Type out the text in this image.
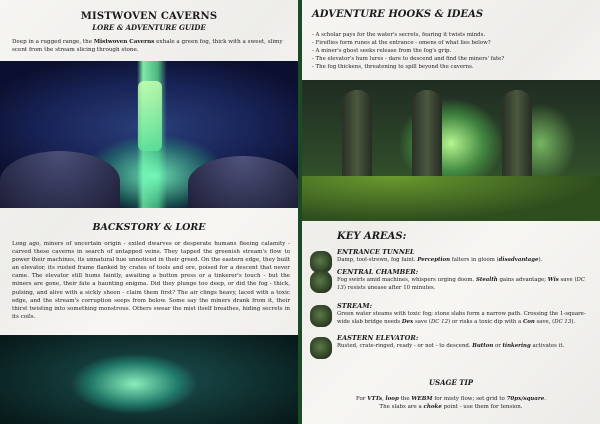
MISTWOVEN CAVERNS
LORE & ADVENTURE GUIDE

Deep in a rugged range, the Mistwoven Caverns exhale a green fog, thick with a sweet, slimy scent from the stream slicing through stone.

BACKSTORY & LORE

Long ago, miners of uncertain origin - exiled dwarves or desperate humans fleeing calamity - carved these caverns in search of untapped veins. They tapped the greenish stream's flow to power their machines, its unnatural hue unnoticed in their greed. On the eastern edge, they built an elevator, its rusted frame flanked by crates of tools and ore, poised for a descent that never came. The elevator still hums faintly, awaiting a button press or a tinkerer's touch - but the miners are gone, their fate a haunting enigma. Did they plunge too deep, or did the fog - thick, pulsing, and alive with a sickly sheen - claim them first? The air clings heavy, laced with a toxic edge, and the stream's corruption seeps from below. Some say the miners drank from it, their thirst twisting into something monstrous. Others swear the mist itself breathes, hiding secrets in its coils.

ADVENTURE HOOKS & IDEAS
- A scholar pays for the water's secrets, fearing it twists minds.
- Fireflies form runes at the entrance - omens of what lies below?
- A miner's ghost seeks release from the fog's grip.
- The elevator's hum lures - dare to descend and find the miners' fate?
- The fog thickens, threatening to spill beyond the caverns.
KEY AREAS:
ENTRANCE TUNNEL
Damp, tool-strewn, fog faint. Perception falters in gloom (disadvantage).
CENTRAL CHAMBER:
Fog swirls amid machines, whispers urging doom. Stealth gains advantage; Wis save (DC 13) resists unease after 10 minutes.
STREAM:
Green water steams with toxic fog; stone slabs form a narrow path. Crossing the 1-square-wide slab bridge needs Dex save (DC 12) or risks a toxic dip with a Con save, (DC 13).
EASTERN ELEVATOR:
Rusted, crate-ringed, ready - or not - to descend. Button or tinkering activates it.
USAGE TIP

For VTTs, loop the WEBM for misty flow; set grid to 70px/square.
The slabs are a choke point - use them for tension.
